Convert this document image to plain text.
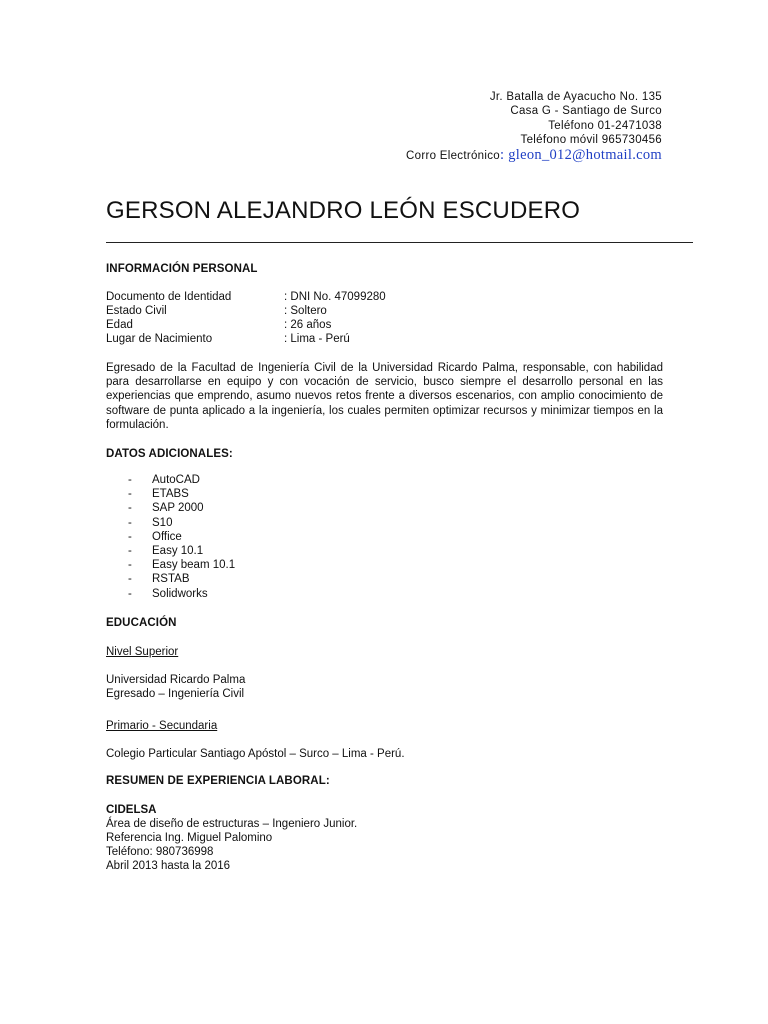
Jr. Batalla de Ayacucho No. 135
Casa G - Santiago de Surco
Teléfono 01-2471038
Teléfono móvil 965730456
Corro Electrónico: gleon_012@hotmail.com
GERSON ALEJANDRO LEÓN ESCUDERO
INFORMACIÓN PERSONAL
Documento de Identidad	: DNI No. 47099280
Estado Civil	: Soltero
Edad	: 26 años
Lugar de Nacimiento	: Lima - Perú
Egresado de la Facultad de Ingeniería Civil de la Universidad Ricardo Palma, responsable, con habilidad para desarrollarse en equipo y con vocación de servicio, busco siempre el desarrollo personal en las experiencias que emprendo, asumo nuevos retos frente a diversos escenarios, con amplio conocimiento de software de punta aplicado a la ingeniería, los cuales permiten optimizar recursos y minimizar tiempos en la formulación.
DATOS ADICIONALES:
-	AutoCAD
-	ETABS
-	SAP 2000
-	S10
-	Office
-	Easy 10.1
-	Easy beam 10.1
-	RSTAB
-	Solidworks
EDUCACIÓN
Nivel Superior
Universidad Ricardo Palma
Egresado – Ingeniería Civil
Primario - Secundaria
Colegio Particular Santiago Apóstol – Surco – Lima - Perú.
RESUMEN DE EXPERIENCIA LABORAL:
CIDELSA
Área de diseño de estructuras – Ingeniero Junior.
Referencia Ing. Miguel Palomino
Teléfono: 980736998
Abril 2013 hasta la 2016
